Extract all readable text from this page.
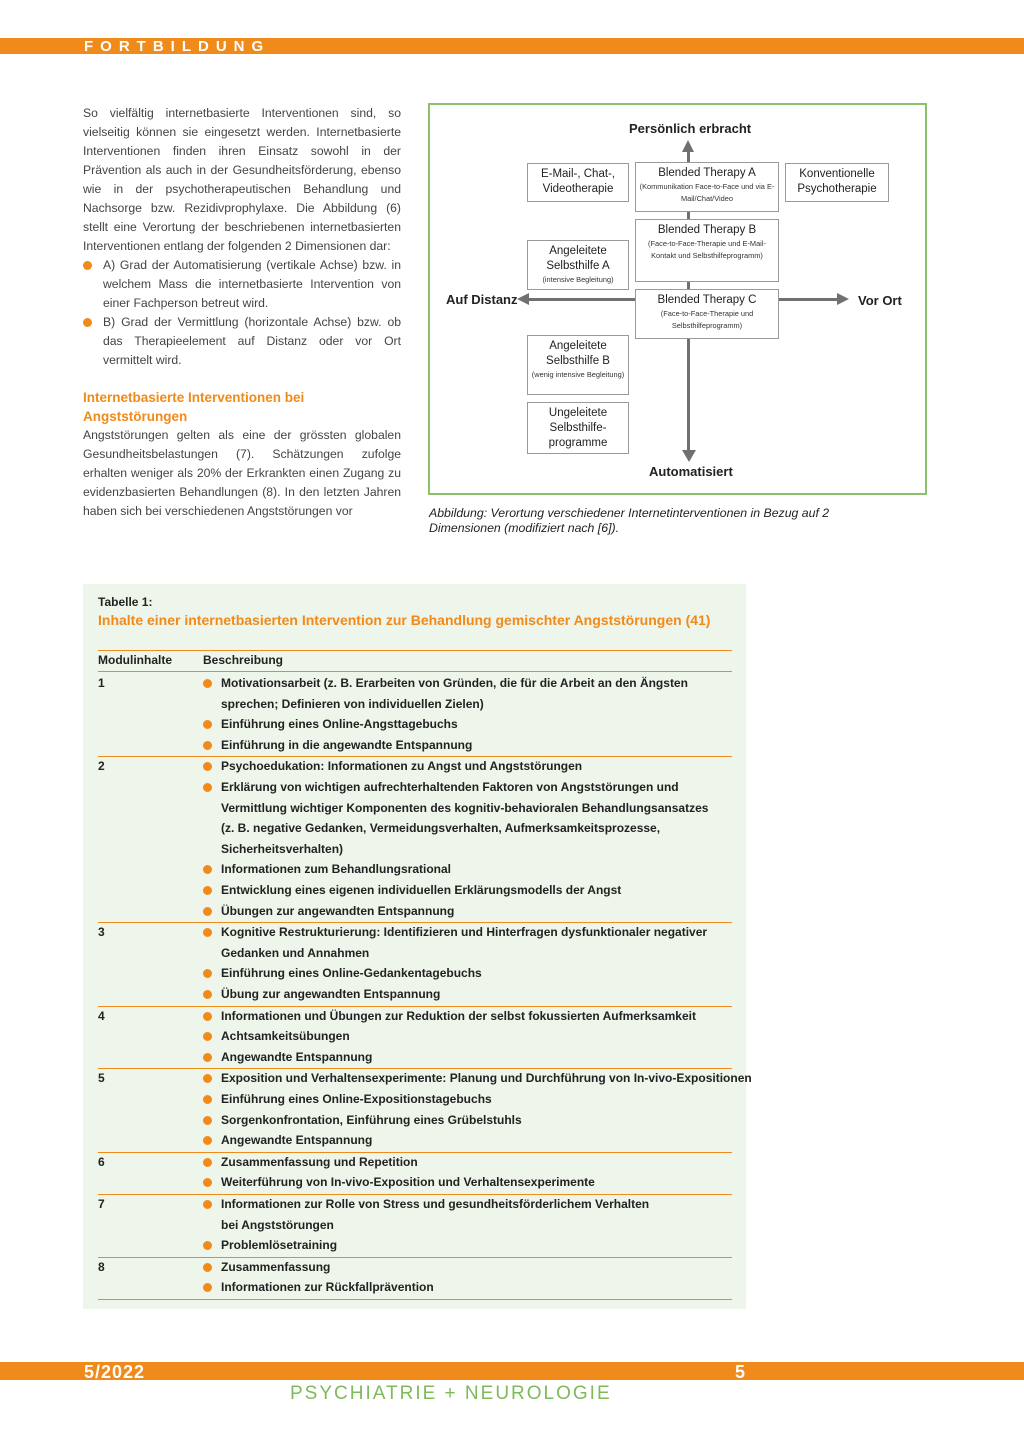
FORTBILDUNG

So vielfältig internetbasierte Interventionen sind, so vielseitig können sie eingesetzt werden. Internetbasierte Interventionen finden ihren Einsatz sowohl in der Prävention als auch in der Gesundheitsförderung, ebenso wie in der psychotherapeutischen Behandlung und Nachsorge bzw. Rezidivprophylaxe. Die Abbildung (6) stellt eine Verortung der beschriebenen internetbasierten Interventionen entlang der folgenden 2 Dimensionen dar:

A) Grad der Automatisierung (vertikale Achse) bzw. in welchem Mass die internetbasierte Intervention von einer Fachperson betreut wird.
B) Grad der Vermittlung (horizontale Achse) bzw. ob das Therapieelement auf Distanz oder vor Ort vermittelt wird.
Internetbasierte Interventionen bei Angststörungen

Angststörungen gelten als eine der grössten globalen Gesundheitsbelastungen (7). Schätzungen zufolge erhalten weniger als 20% der Erkrankten einen Zugang zu evidenzbasierten Behandlungen (8). In den letzten Jahren haben sich bei verschiedenen Angststörungen vor

Persönlich erbracht
Automatisiert
Auf Distanz	Vor Ort
E-Mail-, Chat-, Videotherapie
Blended Therapy A
(Kommunikation Face-to-Face und via E-Mail/Chat/Video
Konventionelle Psychotherapie
Blended Therapy B
(Face-to-Face-Therapie und E-Mail-Kontakt und Selbsthilfeprogramm)
Angeleitete Selbsthilfe A
(intensive Begleitung)
Blended Therapy C
(Face-to-Face-Therapie und Selbsthilfeprogramm)
Angeleitete Selbsthilfe B
(wenig intensive Begleitung)
Ungeleitete Selbsthilfe-programme
Abbildung: Verortung verschiedener Internetinterventionen in Bezug auf 2 Dimensionen (modifiziert nach [6]).
Tabelle 1:
Inhalte einer internetbasierten Intervention zur Behandlung gemischter Angststörungen (41)
Modulinhalte	Beschreibung
1	Motivationsarbeit (z. B. Erarbeiten von Gründen, die für die Arbeit an den Ängsten
sprechen; Definieren von individuellen Zielen)
Einführung eines Online-Angsttagebuchs
Einführung in die angewandte Entspannung
2	Psychoedukation: Informationen zu Angst und Angststörungen
Erklärung von wichtigen aufrechterhaltenden Faktoren von Angststörungen und
Vermittlung wichtiger Komponenten des kognitiv-behavioralen Behandlungsansatzes
(z. B. negative Gedanken, Vermeidungsverhalten, Aufmerksamkeitsprozesse,
Sicherheitsverhalten)
Informationen zum Behandlungsrational
Entwicklung eines eigenen individuellen Erklärungsmodells der Angst
Übungen zur angewandten Entspannung
3	Kognitive Restrukturierung: Identifizieren und Hinterfragen dysfunktionaler negativer
Gedanken und Annahmen
Einführung eines Online-Gedankentagebuchs
Übung zur angewandten Entspannung
4	Informationen und Übungen zur Reduktion der selbst fokussierten Aufmerksamkeit
Achtsamkeitsübungen
Angewandte Entspannung
5	Exposition und Verhaltensexperimente: Planung und Durchführung von In-vivo-Expositionen
Einführung eines Online-Expositionstagebuchs
Sorgenkonfrontation, Einführung eines Grübelstuhls
Angewandte Entspannung
6	Zusammenfassung und Repetition
Weiterführung von In-vivo-Exposition und Verhaltensexperimente
7	Informationen zur Rolle von Stress und gesundheitsförderlichem Verhalten
bei Angststörungen
Problemlösetraining
8	Zusammenfassung
Informationen zur Rückfallprävention
5/2022	5
PSYCHIATRIE + NEUROLOGIE
